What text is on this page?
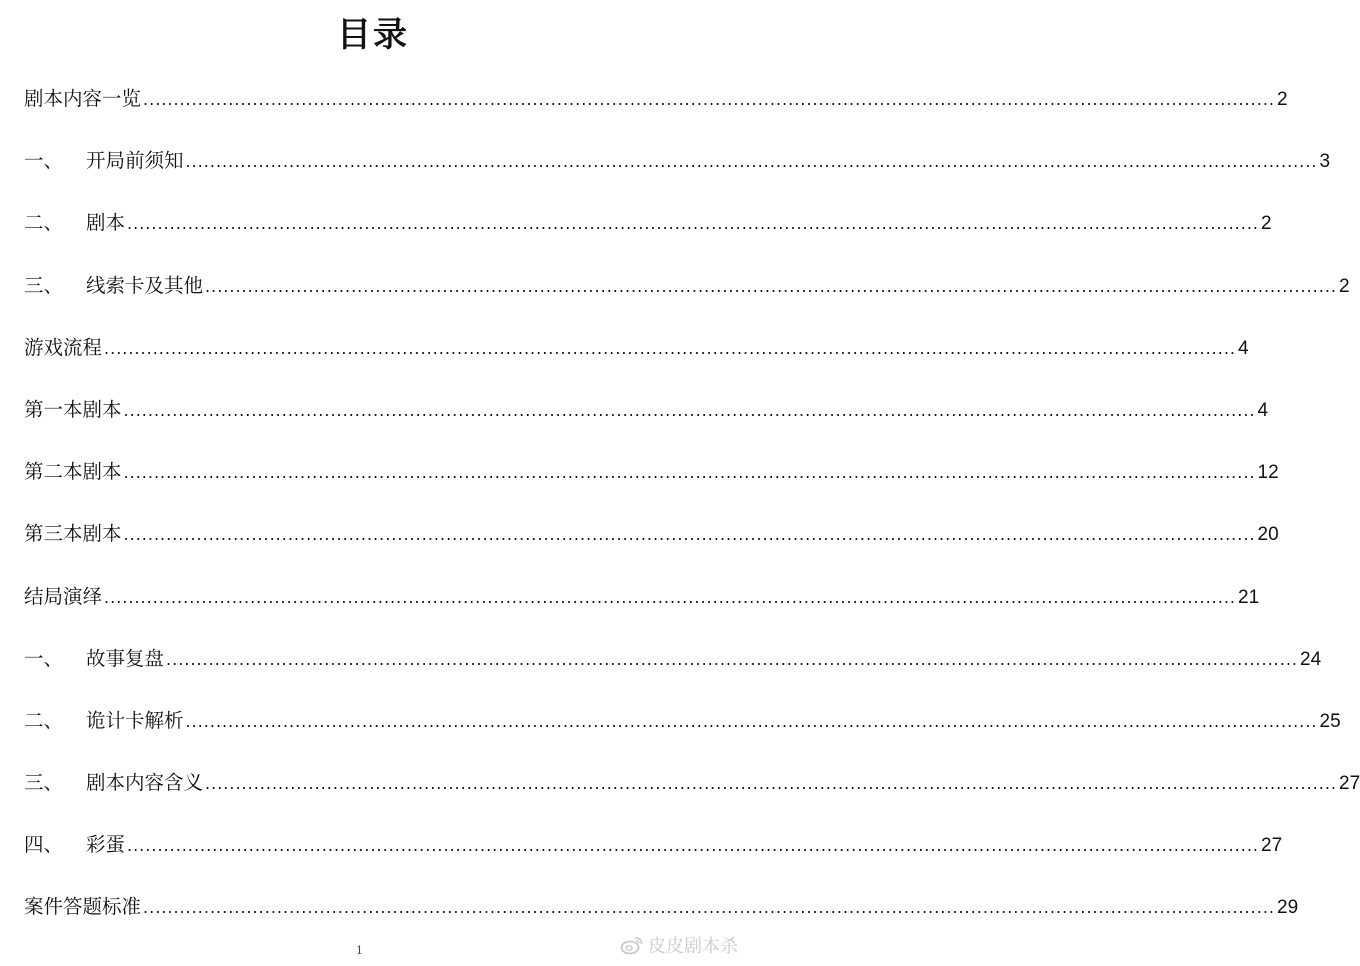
目录
剧本内容一览 .......................................................................................................................................................................................... 2
一、	开局前须知 .......................................................................................................................................................................................... 3
二、	剧本 .......................................................................................................................................................................................... 2
三、	线索卡及其他 .......................................................................................................................................................................................... 2
游戏流程 .......................................................................................................................................................................................... 4
第一本剧本 .......................................................................................................................................................................................... 4
第二本剧本 .......................................................................................................................................................................................... 12
第三本剧本 .......................................................................................................................................................................................... 20
结局演绎 .......................................................................................................................................................................................... 21
一、	故事复盘 .......................................................................................................................................................................................... 24
二、	诡计卡解析 .......................................................................................................................................................................................... 25
三、	剧本内容含义 .......................................................................................................................................................................................... 27
四、	彩蛋 .......................................................................................................................................................................................... 27
案件答题标准 .......................................................................................................................................................................................... 29
1	皮皮剧本杀
